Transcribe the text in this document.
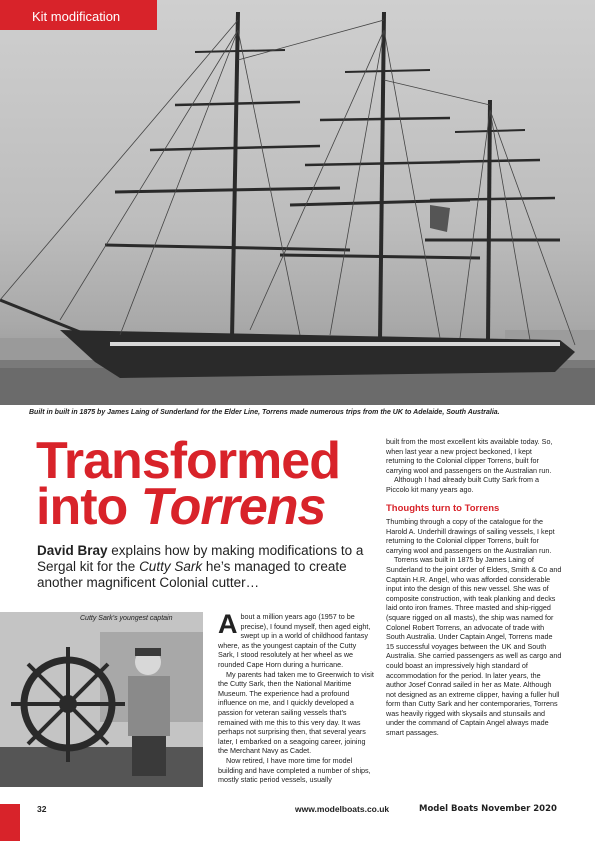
Kit modification
Built in built in 1875 by James Laing of Sunderland for the Elder Line, Torrens made numerous trips from the UK to Adelaide, South Australia.
Transformed
into Torrens
David Bray explains how by making modifications to a Sergal kit for the Cutty Sark he’s managed to create another magnificent Colonial cutter…
Cutty Sark’s youngest captain About a million years ago (1957 to be precise), I found myself, then aged eight, swept up in a world of childhood fantasy where, as the youngest captain of the Cutty Sark, I stood resolutely at her wheel as we rounded Cape Horn during a hurricane.

My parents had taken me to Greenwich to visit the Cutty Sark, then the National Maritime Museum. The experience had a profound influence on me, and I quickly developed a passion for veteran sailing vessels that’s remained with me this to this very day. It was perhaps not surprising then, that several years later, I embarked on a seagoing career, joining the Merchant Navy as Cadet.

Now retired, I have more time for model building and have completed a number of ships, mostly static period vessels, usually

built from the most excellent kits available today. So, when last year a new project beckoned, I kept returning to the Colonial clipper Torrens, built for carrying wool and passengers on the Australian run.

Although I had already built Cutty Sark from a Piccolo kit many years ago.

Thoughts turn to Torrens

Thumbing through a copy of the catalogue for the Harold A. Underhill drawings of sailing vessels, I kept returning to the Colonial clipper Torrens, built for carrying wool and passengers on the Australian run.

Torrens was built in 1875 by James Laing of Sunderland to the joint order of Elders, Smith & Co and Captain H.R. Angel, who was afforded considerable input into the design of this new vessel. She was of composite construction, with teak planking and decks laid onto iron frames. Three masted and ship-rigged (square rigged on all masts), the ship was named for Colonel Robert Torrens, an advocate of trade with South Australia. Under Captain Angel, Torrens made 15 successful voyages between the UK and South Australia. She carried passengers as well as cargo and could boast an impressively high standard of accommodation for the period. In later years, the author Josef Conrad sailed in her as Mate. Although not designed as an extreme clipper, having a fuller hull form than Cutty Sark and her contemporaries, Torrens was heavily rigged with skysails and stunsails and under the command of Captain Angel always made smart passages.

32	www.modelboats.co.uk	Model Boats November 2020
